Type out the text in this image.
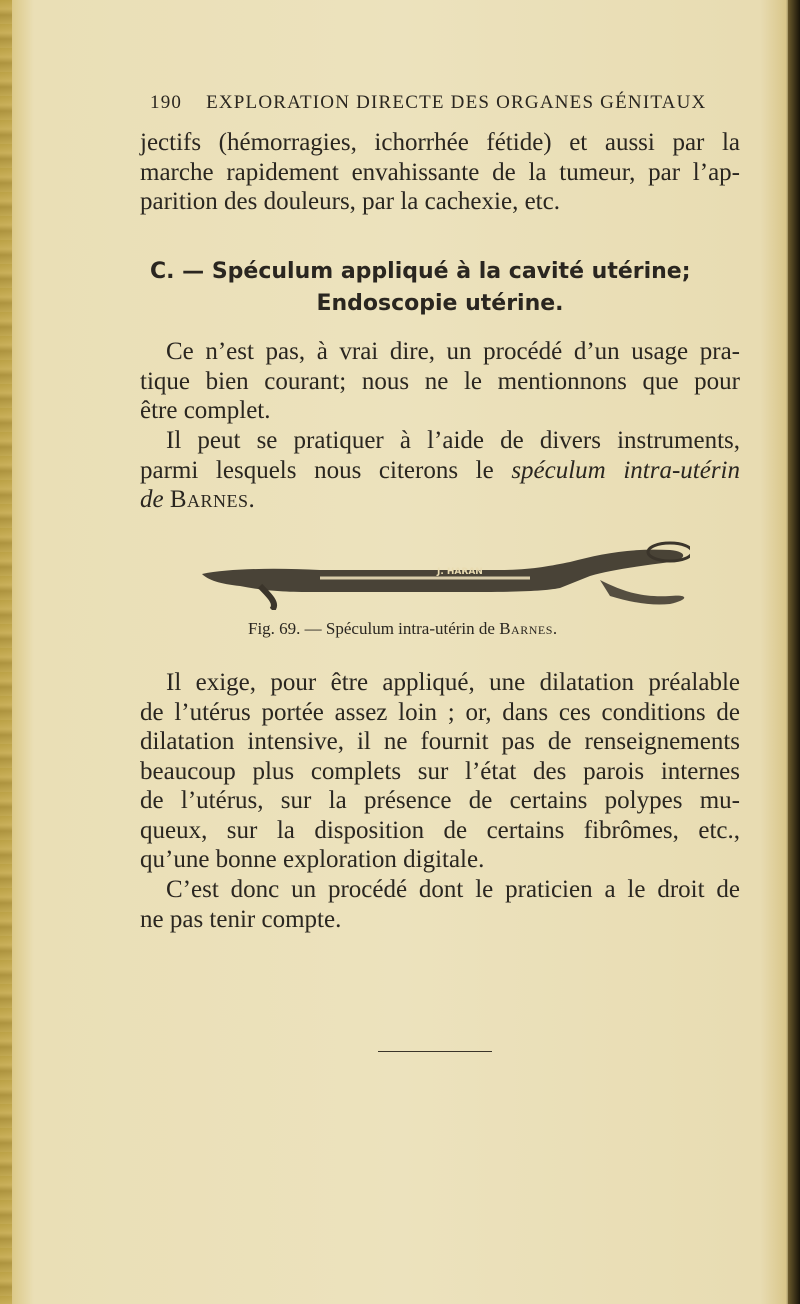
190 EXPLORATION DIRECTE DES ORGANES GÉNITAUX
jectifs (hémorragies, ichorrhée fétide) et aussi par la
marche rapidement envahissante de la tumeur, par l’ap-
parition des douleurs, par la cachexie, etc.
C. — Spéculum appliqué à la cavité utérine;
Endoscopie utérine.
Ce n’est pas, à vrai dire, un procédé d’un usage pra-
tique bien courant; nous ne le mentionnons que pour
être complet.
Il peut se pratiquer à l’aide de divers instruments,
parmi lesquels nous citerons le spéculum intra-utérin
de Barnes.
J. HARAN
Fig. 69. — Spéculum intra-utérin de Barnes.
Il exige, pour être appliqué, une dilatation préalable
de l’utérus portée assez loin ; or, dans ces conditions de
dilatation intensive, il ne fournit pas de renseignements
beaucoup plus complets sur l’état des parois internes
de l’utérus, sur la présence de certains polypes mu-
queux, sur la disposition de certains fibrômes, etc.,
qu’une bonne exploration digitale.
C’est donc un procédé dont le praticien a le droit de
ne pas tenir compte.
